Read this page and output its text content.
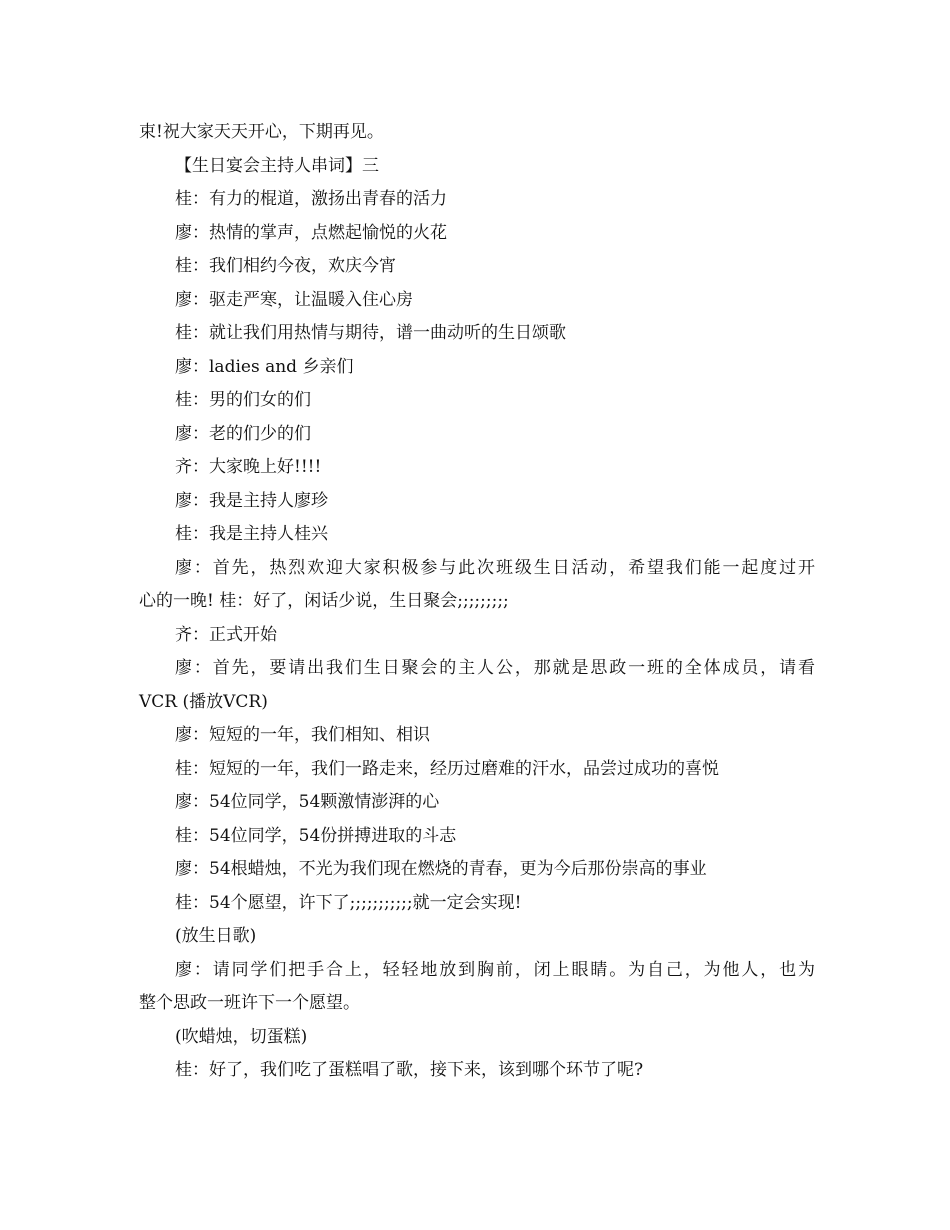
束!祝大家天天开心，下期再见。
【生日宴会主持人串词】三
桂：有力的棍道，激扬出青春的活力
廖：热情的掌声，点燃起愉悦的火花
桂：我们相约今夜，欢庆今宵
廖：驱走严寒，让温暖入住心房
桂：就让我们用热情与期待，谱一曲动听的生日颂歌
廖：ladies and 乡亲们
桂：男的们女的们
廖：老的们少的们
齐：大家晚上好!!!!
廖：我是主持人廖珍
桂：我是主持人桂兴
廖：首先，热烈欢迎大家积极参与此次班级生日活动，希望我们能一起度过开
心的一晚! 桂：好了，闲话少说，生日聚会;;;;;;;;;
齐：正式开始
廖：首先，要请出我们生日聚会的主人公，那就是思政一班的全体成员，请看
VCR (播放VCR)
廖：短短的一年，我们相知、相识
桂：短短的一年，我们一路走来，经历过磨难的汗水，品尝过成功的喜悦
廖：54位同学，54颗激情澎湃的心
桂：54位同学，54份拼搏进取的斗志
廖：54根蜡烛，不光为我们现在燃烧的青春，更为今后那份崇高的事业
桂：54个愿望，许下了;;;;;;;;;;;就一定会实现!
(放生日歌)
廖：请同学们把手合上，轻轻地放到胸前，闭上眼睛。为自己，为他人，也为
整个思政一班许下一个愿望。
(吹蜡烛，切蛋糕)
桂：好了，我们吃了蛋糕唱了歌，接下来，该到哪个环节了呢?
